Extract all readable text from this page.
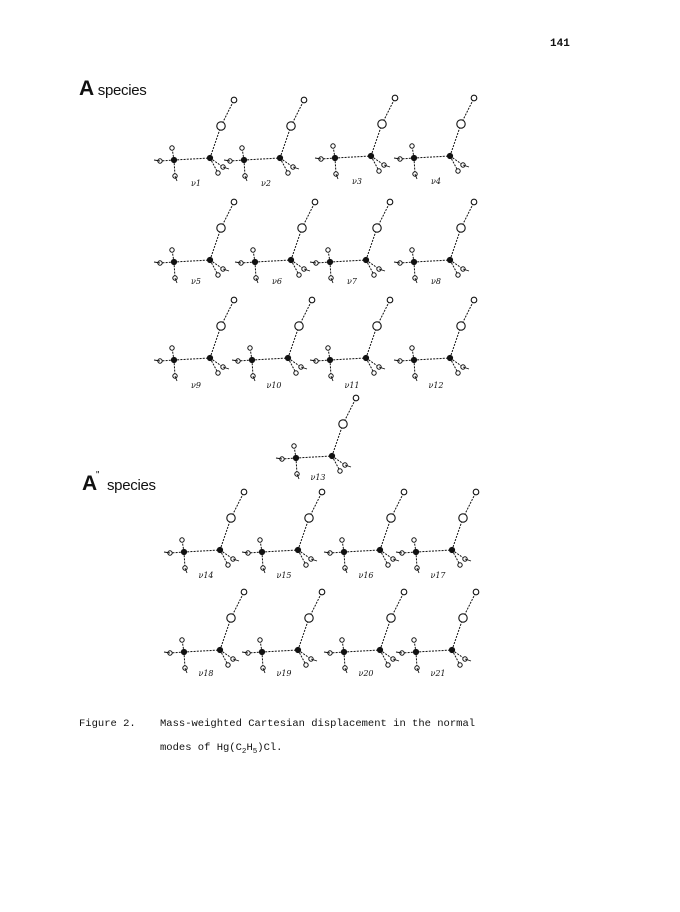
141
A species
A'' species
ν1	ν2	ν3	ν4
ν5	ν6	ν7	ν8
ν9	ν10	ν11	ν12
ν13
ν14	ν15	ν16	ν17
ν18	ν19	ν20	ν21
Figure 2. Mass-weighted Cartesian displacement in the normal
modes of $Hg(C_2H_5)Cl$.
